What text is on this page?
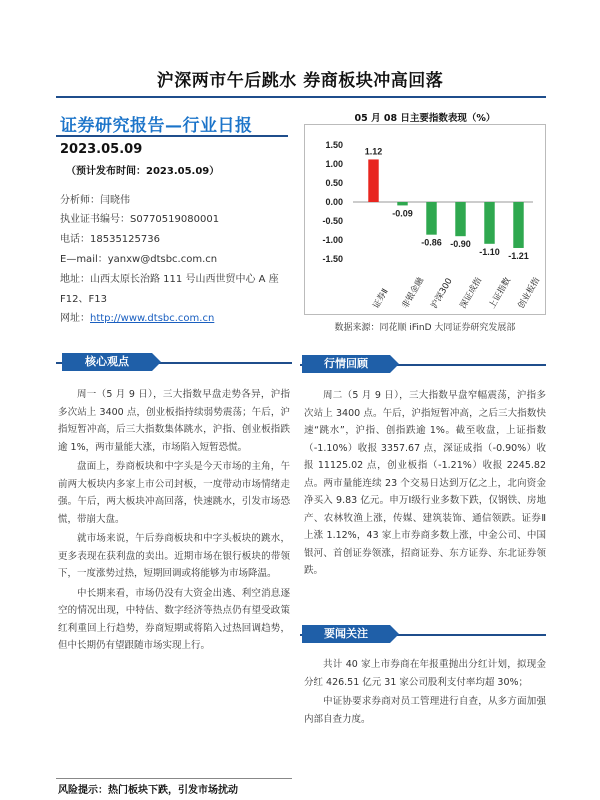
沪深两市午后跳水 券商板块冲高回落
证券研究报告—行业日报
2023.05.09
（预计发布时间：2023.05.09）
分析师：闫晓伟
执业证书编号：S0770519080001
电话：18535125736
E—mail：yanxw@dtsbc.com.cn
地址：山西太原长治路 111 号山西世贸中心 A 座
F12、F13
网址：http://www.dtsbc.com.cn
05 月 08 日主要指数表现（%）
1.50
1.00
0.50
0.00
-0.50
-1.00
-1.50
1.12
证券Ⅱ
-0.09
非银金融
-0.86
沪深300
-0.90
深证成指
-1.10
上证指数
-1.21
创业板指
数据来源：同花顺 iFinD 大同证券研究发展部
核心观点

周一（5 月 9 日），三大指数早盘走势各异，沪指多次站上 3400 点，创业板指持续弱势震荡；午后，沪指短暂冲高，后三大指数集体跳水，沪指、创业板指跌逾 1%，两市量能大涨，市场陷入短暂恐慌。

盘面上，券商板块和中字头是今天市场的主角，午前两大板块内多家上市公司封板，一度带动市场情绪走强。午后，两大板块冲高回落，快速跳水，引发市场恐慌，带崩大盘。

就市场来说，午后券商板块和中字头板块的跳水，更多表现在获利盘的卖出。近期市场在银行板块的带领下，一度涨势过热，短期回调或将能够为市场降温。

中长期来看，市场仍没有大资金出逃、利空消息逐空的情况出现，中特估、数字经济等热点仍有望受政策红利重回上行趋势，券商短期或将陷入过热回调趋势，但中长期仍有望跟随市场实现上行。

风险提示：热门板块下跌，引发市场扰动
行情回顾

周二（5 月 9 日），三大指数早盘窄幅震荡，沪指多次站上 3400 点。午后，沪指短暂冲高，之后三大指数快速“跳水”，沪指、创指跌逾 1%。截至收盘，上证指数（-1.10%）收报 3357.67 点，深证成指（-0.90%）收报 11125.02 点，创业板指（-1.21%）收报 2245.82 点。两市量能连续 23 个交易日达到万亿之上，北向资金净买入 9.83 亿元。申万Ⅰ级行业多数下跌，仅钢铁、房地产、农林牧渔上涨，传媒、建筑装饰、通信领跌。证券Ⅱ上涨 1.12%，43 家上市券商多数上涨，中金公司、中国银河、首创证券领涨，招商证券、东方证券、东北证券领跌。

要闻关注

共计 40 家上市券商在年报重抛出分红计划，拟现金分红 426.51 亿元 31 家公司股利支付率均超 30%；

中证协要求券商对员工管理进行自查，从多方面加强内部自查力度。
